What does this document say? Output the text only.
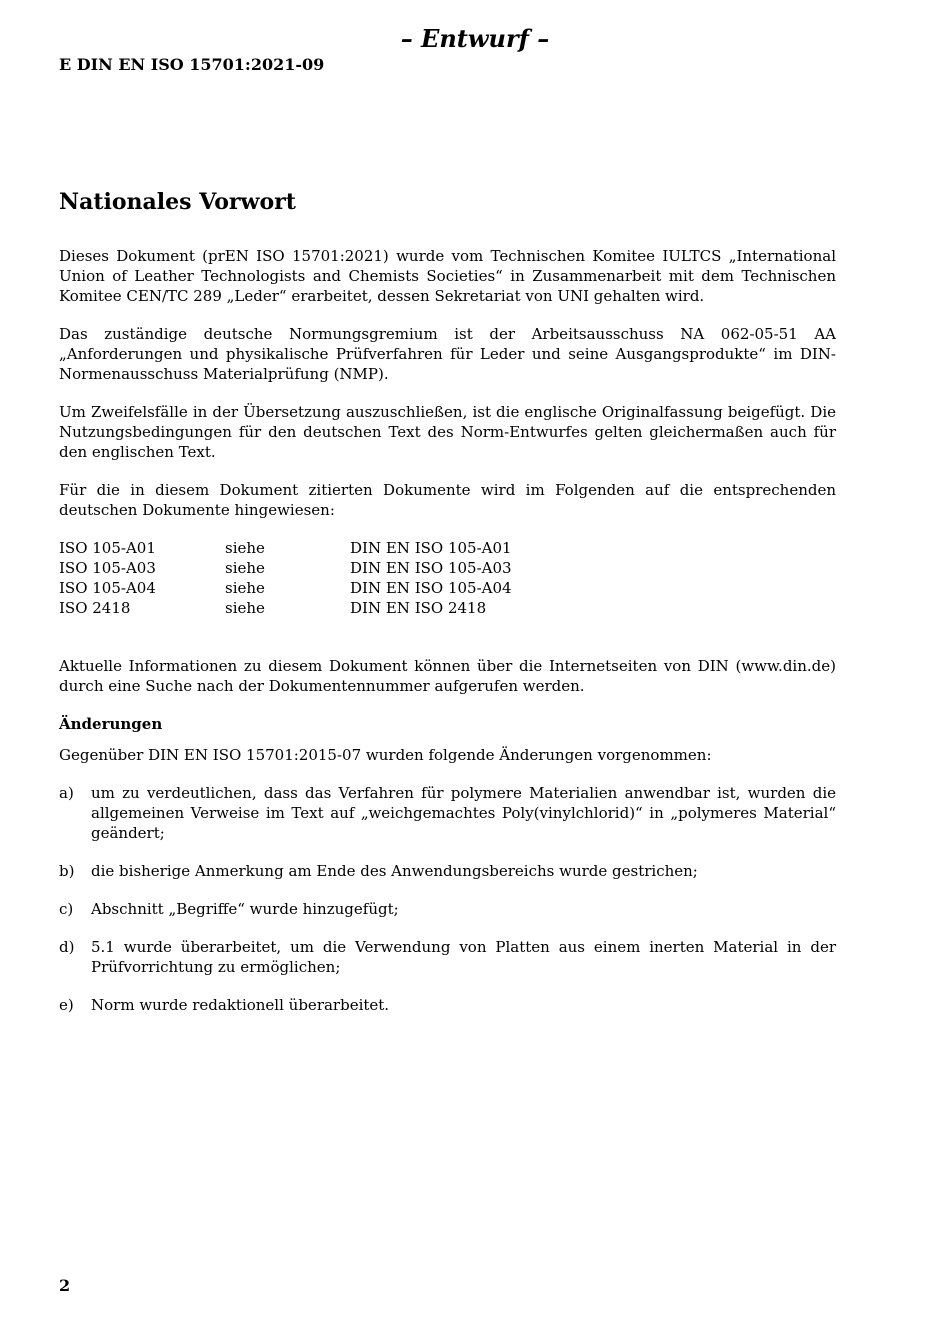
– Entwurf –
E DIN EN ISO 15701:2021-09
Nationales Vorwort

Dieses Dokument (prEN ISO 15701:2021) wurde vom Technischen Komitee IULTCS „International Union of Leather Technologists and Chemists Societies“ in Zusammenarbeit mit dem Technischen Komitee CEN/TC 289 „Leder“ erarbeitet, dessen Sekretariat von UNI gehalten wird.

Das zuständige deutsche Normungsgremium ist der Arbeitsausschuss NA 062-05-51 AA „Anforderungen und physikalische Prüfverfahren für Leder und seine Ausgangsprodukte“ im DIN-Normenausschuss Materialprüfung (NMP).

Um Zweifelsfälle in der Übersetzung auszuschließen, ist die englische Originalfassung beigefügt. Die Nutzungsbedingungen für den deutschen Text des Norm-Entwurfes gelten gleichermaßen auch für den englischen Text.

Für die in diesem Dokument zitierten Dokumente wird im Folgenden auf die entsprechenden deutschen Dokumente hingewiesen:

ISO 105-A01	siehe	DIN EN ISO 105-A01
ISO 105-A03	siehe	DIN EN ISO 105-A03
ISO 105-A04	siehe	DIN EN ISO 105-A04
ISO 2418	siehe	DIN EN ISO 2418

Aktuelle Informationen zu diesem Dokument können über die Internetseiten von DIN (www.din.de) durch eine Suche nach der Dokumentennummer aufgerufen werden.

Änderungen

Gegenüber DIN EN ISO 15701:2015-07 wurden folgende Änderungen vorgenommen:

a)	um zu verdeutlichen, dass das Verfahren für polymere Materialien anwendbar ist, wurden die allgemeinen Verweise im Text auf „weichgemachtes Poly(vinylchlorid)“ in „polymeres Material“ geändert;
b)	die bisherige Anmerkung am Ende des Anwendungsbereichs wurde gestrichen;
c)	Abschnitt „Begriffe“ wurde hinzugefügt;
d)	5.1 wurde überarbeitet, um die Verwendung von Platten aus einem inerten Material in der Prüfvorrichtung zu ermöglichen;
e)	Norm wurde redaktionell überarbeitet.
2
